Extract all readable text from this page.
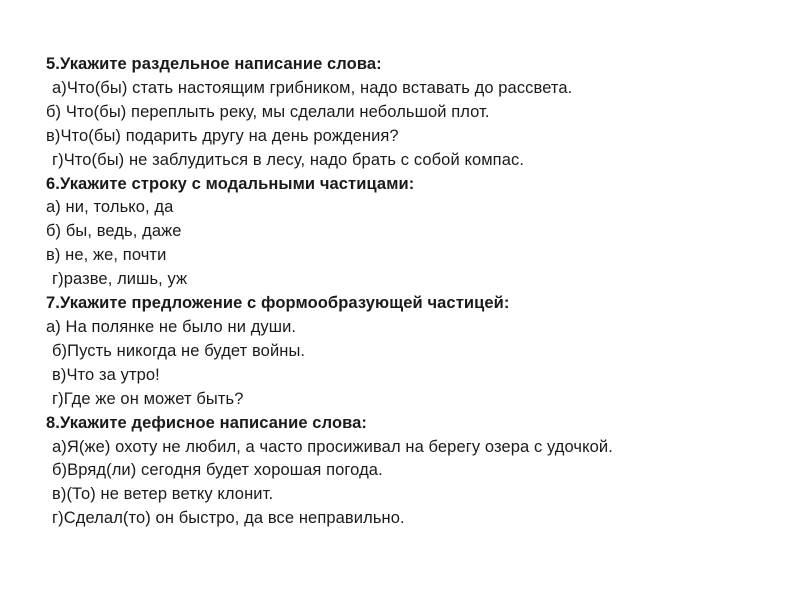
5.Укажите раздельное написание слова:
а)Что(бы) стать настоящим грибником, надо вставать до рассвета.
б) Что(бы) переплыть реку, мы сделали небольшой плот.
в)Что(бы) подарить другу на день рождения?
г)Что(бы) не заблудиться в лесу, надо брать с собой компас.
6.Укажите строку с модальными частицами:
а) ни, только, да
б) бы, ведь, даже
в) не, же, почти
г)разве, лишь, уж
7.Укажите предложение с формообразующей частицей:
а) На полянке не было ни души.
б)Пусть никогда не будет войны.
в)Что за утро!
г)Где же он может быть?
8.Укажите дефисное написание слова:
а)Я(же) охоту не любил, а часто просиживал на берегу озера с удочкой.
б)Вряд(ли) сегодня будет хорошая погода.
в)(То) не ветер ветку клонит.
г)Сделал(то) он быстро, да все неправильно.
